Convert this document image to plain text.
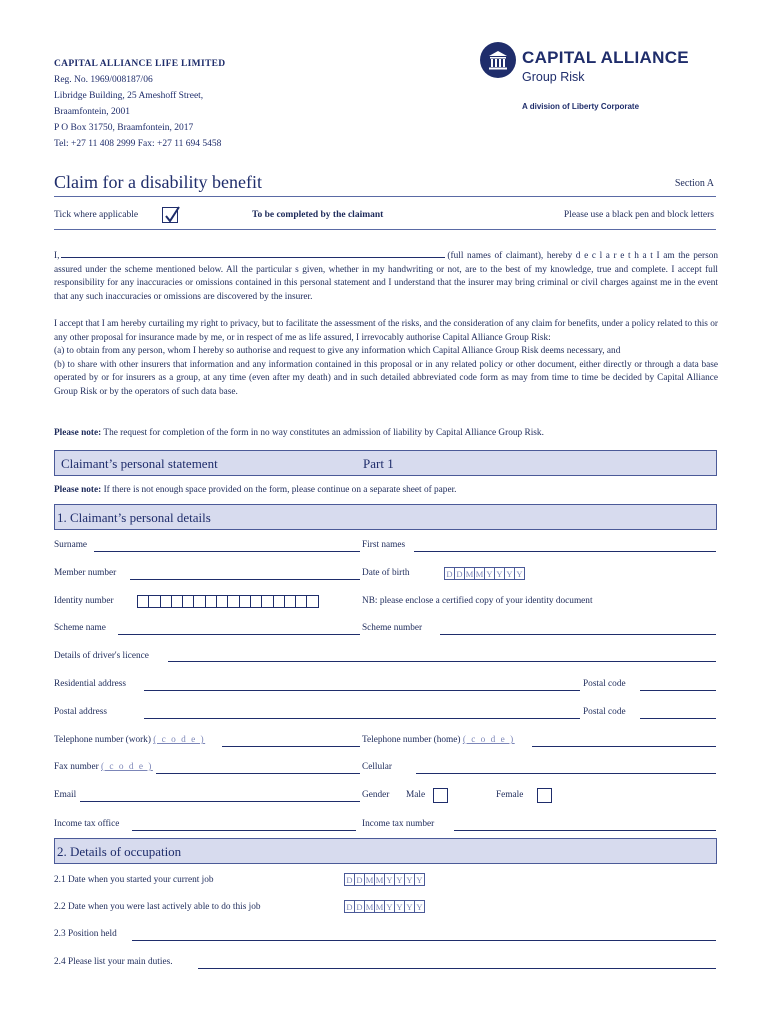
CAPITAL ALLIANCE LIFE LIMITED
Reg. No. 1969/008187/06
Libridge Building, 25 Ameshoff Street,
Braamfontein, 2001
P O Box 31750, Braamfontein, 2017
Tel: +27 11 408 2999 Fax: +27 11 694 5458
CAPITAL ALLIANCE
Group Risk
A division of Liberty Corporate
Claim for a disability benefit	Section A
Tick where applicable	To be completed by the claimant	Please use a black pen and block letters
I,	(full names of claimant), hereby d e c l a r e t h a t I am the person assured under the scheme mentioned below. All the particular s given, whether in my handwriting or not, are to the best of my knowledge, true and complete. I accept full responsibility for any inaccuracies or omissions contained in this personal statement and I understand that the insurer may bring criminal or civil charges against me in the event that any such inaccuracies or omissions are discovered by the insurer.
I accept that I am hereby curtailing my right to privacy, but to facilitate the assessment of the risks, and the consideration of any claim for benefits, under a policy related to this or any other proposal for insurance made by me, or in respect of me as life assured, I irrevocably authorise Capital Alliance Group Risk:
(a) to obtain from any person, whom I hereby so authorise and request to give any information which Capital Alliance Group Risk deems necessary, and
(b) to share with other insurers that information and any information contained in this proposal or in any related policy or other document, either directly or through a data base operated by or for insurers as a group, at any time (even after my death) and in such detailed abbreviated code form as may from time to time be decided by Capital Alliance Group Risk or by the operators of such data base.
Please note: The request for completion of the form in no way constitutes an admission of liability by Capital Alliance Group Risk.
Claimant’s personal statement	Part 1
Please note: If there is not enough space provided on the form, please continue on a separate sheet of paper.
1. Claimant’s personal details
Surname	First names
Member number	Date of birth	D D M M Y Y Y Y
Identity number	NB: please enclose a certified copy of your identity document
Scheme name	Scheme number
Details of driver's licence
Residential address	Postal code
Postal address	Postal code
Telephone number (work) ( c o d e )	Telephone number (home) ( c o d e )
Fax number ( c o d e )	Cellular
Email	Gender Male	Female
Income tax office	Income tax number
2. Details of occupation
2.1 Date when you started your current job	D D M M Y Y Y Y
2.2 Date when you were last actively able to do this job	D D M M Y Y Y Y
2.3 Position held
2.4 Please list your main duties.
